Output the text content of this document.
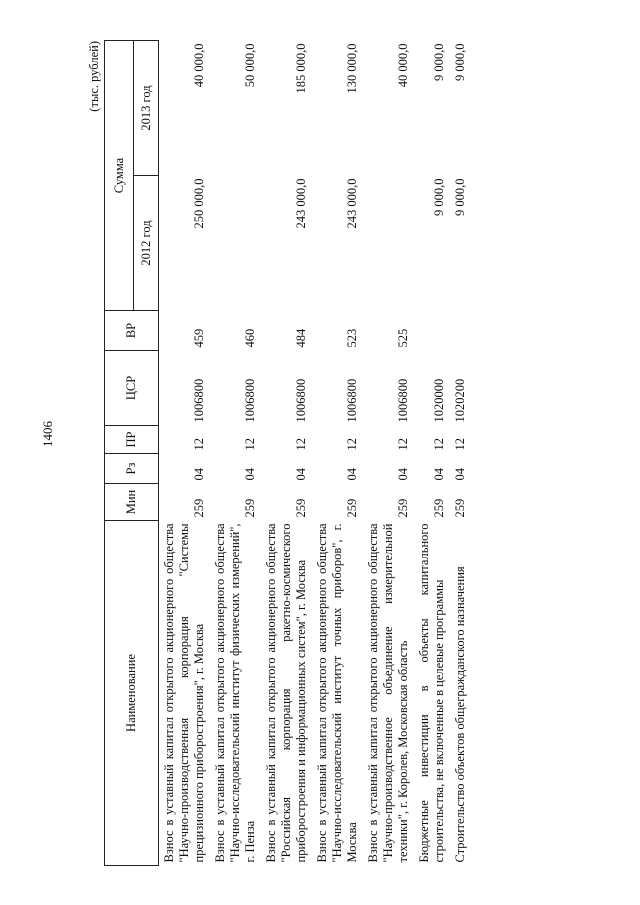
1406
(тыс. рублей)
Наименование	Мин	Рз	ПР	ЦСР	ВР	Сумма	
						2012 год	2013 год
Взнос в уставный капитал открытого акционерного общества "Научно-производственная корпорация "Системы прецизионного приборостроения", г. Москва	259	04	12	1006800	459	250 000,0	40 000,0
Взнос в уставный капитал открытого акционерного общества "Научно-исследовательский институт физических измерений", г. Пенза	259	04	12	1006800	460		50 000,0
Взнос в уставный капитал открытого акционерного общества "Российская корпорация ракетно-космического приборостроения и информационных систем", г. Москва	259	04	12	1006800	484	243 000,0	185 000,0
Взнос в уставный капитал открытого акционерного общества "Научно-исследовательский институт точных приборов", г. Москва	259	04	12	1006800	523	243 000,0	130 000,0
Взнос в уставный капитал открытого акционерного общества "Научно-производственное объединение измерительной техники", г. Королев, Московская область	259	04	12	1006800	525		40 000,0
Бюджетные инвестиции в объекты капитального строительства, не включенные в целевые программы	259	04	12	1020000		9 000,0	9 000,0
Строительство объектов общегражданского назначения	259	04	12	1020200		9 000,0	9 000,0
